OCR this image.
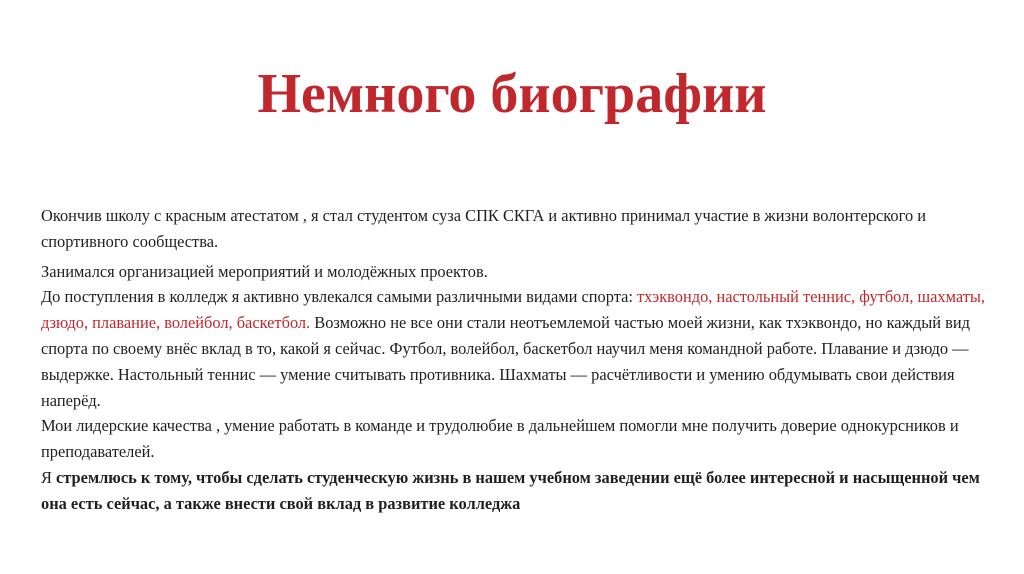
Немного биографии

Окончив школу с красным атестатом , я стал студентом суза СПК СКГА и активно принимал участие в жизни волонтерского и спортивного сообщества.

Занимался организацией мероприятий и молодёжных проектов.

До поступления в колледж я активно увлекался самыми различными видами спорта: тхэквондо, настольный теннис, футбол, шахматы, дзюдо, плавание, волейбол, баскетбол. Возможно не все они стали неотъемлемой частью моей жизни, как тхэквондо, но каждый вид спорта по своему внёс вклад в то, какой я сейчас. Футбол, волейбол, баскетбол научил меня командной работе. Плавание и дзюдо — выдержке. Настольный теннис — умение считывать противника. Шахматы — расчётливости и умению обдумывать свои действия наперёд.

Мои лидерские качества , умение работать в команде и трудолюбие в дальнейшем помогли мне получить доверие однокурсников и преподавателей.

Я стремлюсь к тому, чтобы сделать студенческую жизнь в нашем учебном заведении ещё более интересной и насыщенной чем она есть сейчас, а также внести свой вклад в развитие колледжа
